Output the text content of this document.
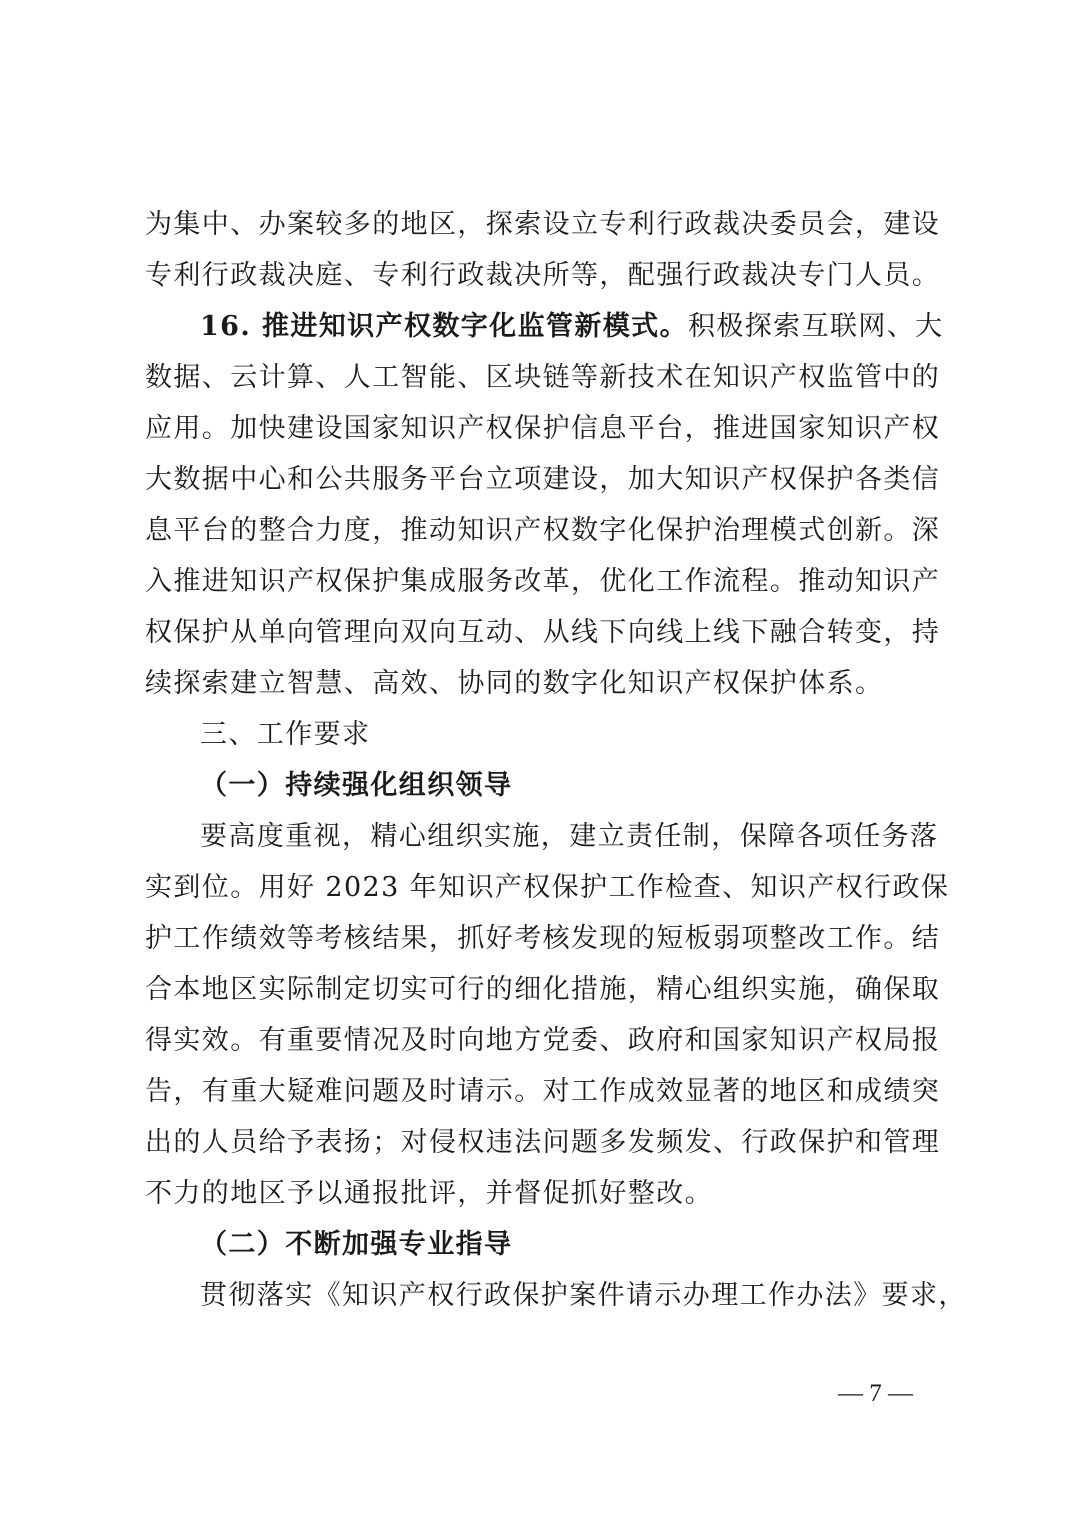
为集中、办案较多的地区，探索设立专利行政裁决委员会，建设
专利行政裁决庭、专利行政裁决所等，配强行政裁决专门人员。
16. 推进知识产权数字化监管新模式。积极探索互联网、大
数据、云计算、人工智能、区块链等新技术在知识产权监管中的
应用。加快建设国家知识产权保护信息平台，推进国家知识产权
大数据中心和公共服务平台立项建设，加大知识产权保护各类信
息平台的整合力度，推动知识产权数字化保护治理模式创新。深
入推进知识产权保护集成服务改革，优化工作流程。推动知识产
权保护从单向管理向双向互动、从线下向线上线下融合转变，持
续探索建立智慧、高效、协同的数字化知识产权保护体系。
三、工作要求
（一）持续强化组织领导
要高度重视，精心组织实施，建立责任制，保障各项任务落
实到位。用好 2023 年知识产权保护工作检查、知识产权行政保
护工作绩效等考核结果，抓好考核发现的短板弱项整改工作。结
合本地区实际制定切实可行的细化措施，精心组织实施，确保取
得实效。有重要情况及时向地方党委、政府和国家知识产权局报
告，有重大疑难问题及时请示。对工作成效显著的地区和成绩突
出的人员给予表扬；对侵权违法问题多发频发、行政保护和管理
不力的地区予以通报批评，并督促抓好整改。
（二）不断加强专业指导
贯彻落实《知识产权行政保护案件请示办理工作办法》要求，
— 7 —
